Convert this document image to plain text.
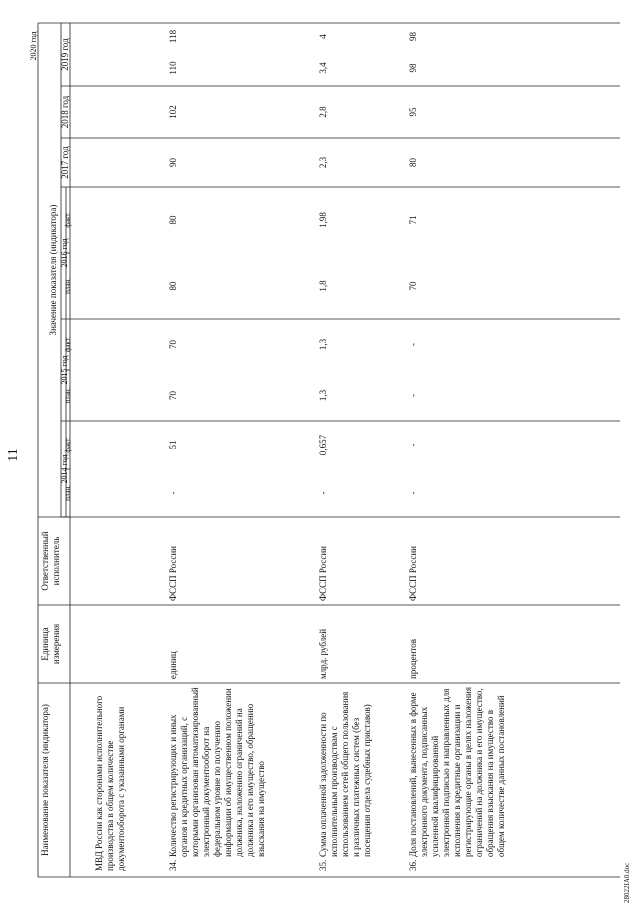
11
28022IA0.doc
Наименование показателя (индикатора)
Единица измерения
Ответственный исполнитель
Значение показателя (индикатора)
2014 год
2015 год
2016 год
2017 год
2018 год
2019 год
план.
факт.
план.
факт.
план.
факт.
2020 год
МВД России как сторонами исполнительного производства в общем количестве документооборота с указанными органами	34.
Количество регистрирующих и иных органов и кредитных организаций, с которыми организован автоматизированный электронный документооборот на федеральном уровне по получению информации об имущественном положении должника, наложению ограничений на должника и его имущество, обращению взыскания на имущество
единиц
ФССП России
-
51
70
70
80
80
90
102
110
118
35.
Сумма оплаченной задолженности по исполнительным производствам с использованием сетей общего пользования и различных платежных систем (без посещения отдела судебных приставов)
млрд. рублей
ФССП России
-
0,657
1,3
1,3
1,8
1,98
2,3
2,8
3,4
4
36.
Доля постановлений, вынесенных в форме электронного документа, подписанных усиленной квалифицированной электронной подписью и направленных для исполнения в кредитные организации и регистрирующие органы в целях наложения ограничений на должника и его имущество, обращения взыскания на имущество в общем количестве данных постановлений
процентов
ФССП России
-
-
-
-
70
71
80
95
98
98
